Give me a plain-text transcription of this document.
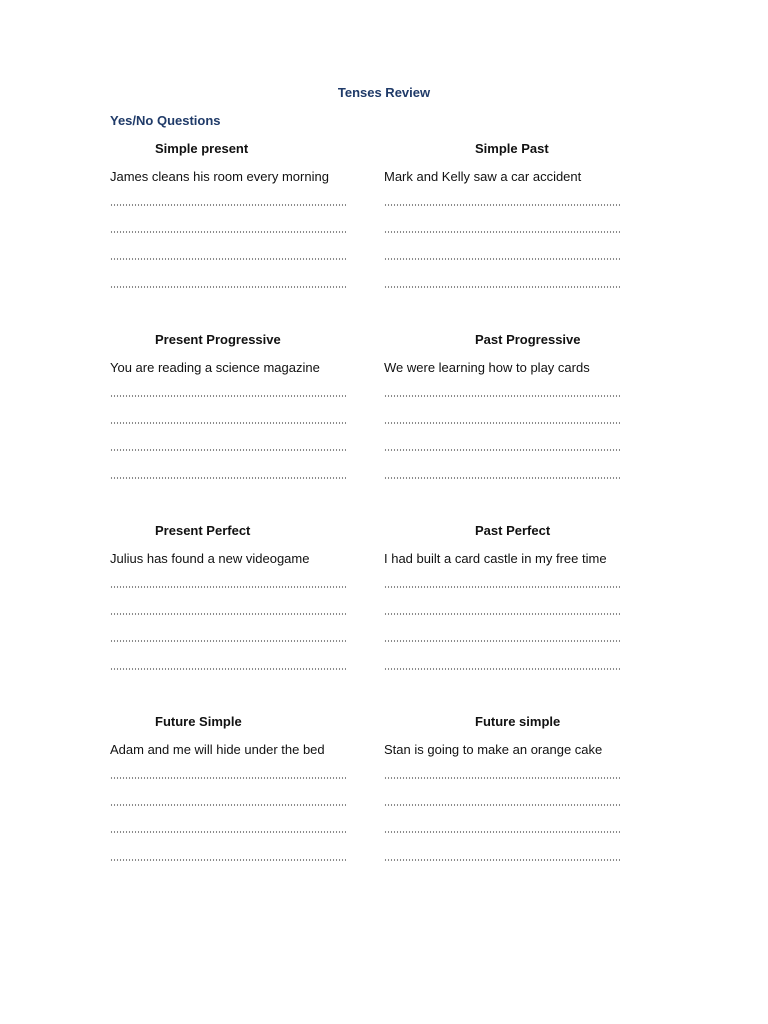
Tenses Review
Yes/No Questions
Simple present
James cleans his room every morning
Simple Past
Mark and Kelly saw a car accident
Present Progressive
You are reading a science magazine
Past Progressive
We were learning how to play cards
Present Perfect
Julius has found a new videogame
Past Perfect
I had built a card castle in my free time
Future Simple
Adam and me will hide under the bed
Future simple
Stan is going to make an orange cake
